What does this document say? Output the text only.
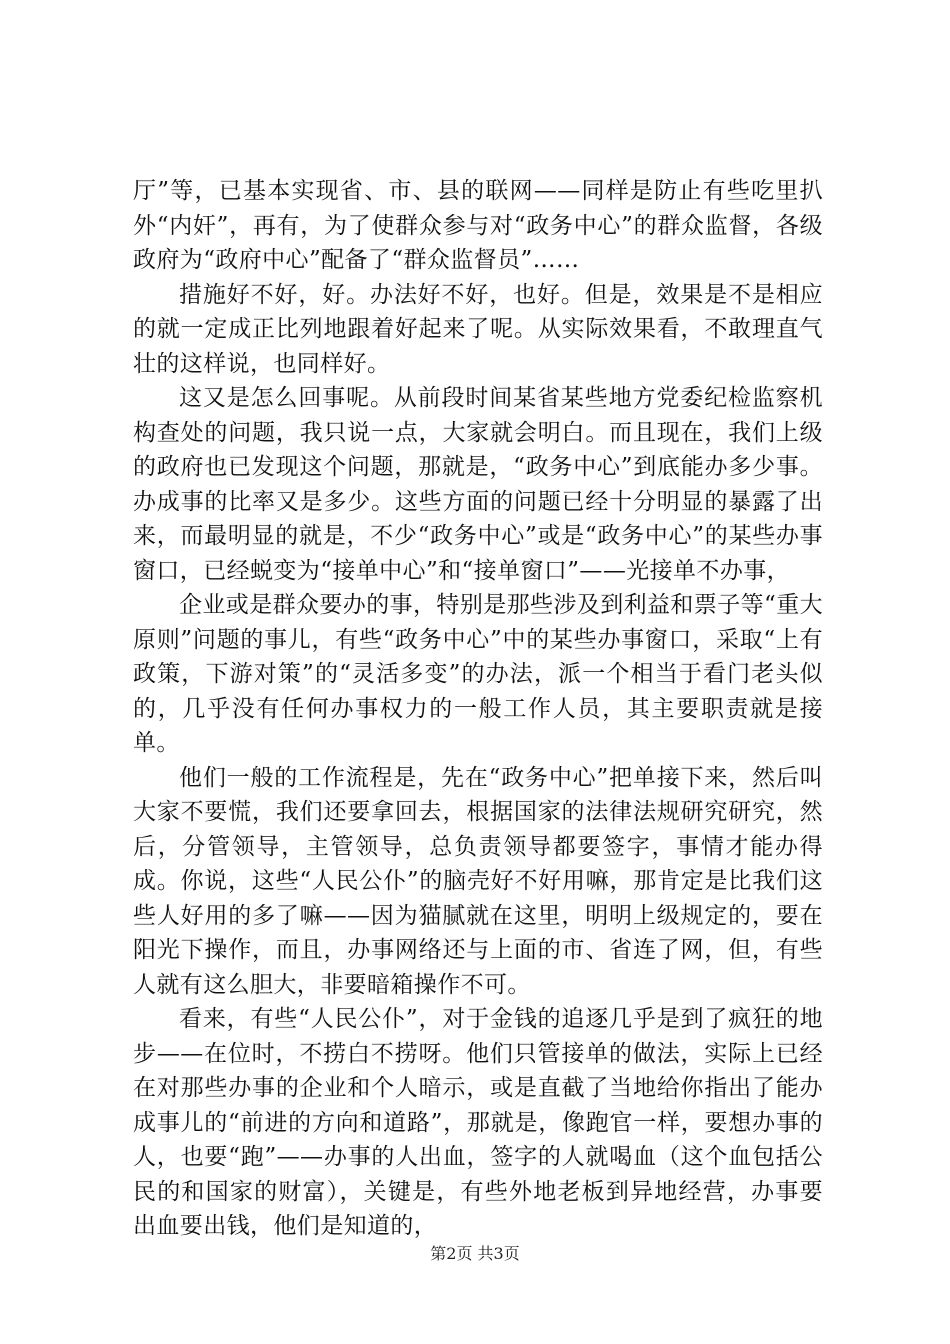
厅”等，已基本实现省、市、县的联网——同样是防止有些吃里扒外“内奸”，再有，为了使群众参与对“政务中心”的群众监督，各级政府为“政府中心”配备了“群众监督员”……

措施好不好，好。办法好不好，也好。但是，效果是不是相应的就一定成正比列地跟着好起来了呢。从实际效果看，不敢理直气壮的这样说，也同样好。

这又是怎么回事呢。从前段时间某省某些地方党委纪检监察机构查处的问题，我只说一点，大家就会明白。而且现在，我们上级的政府也已发现这个问题，那就是，“政务中心”到底能办多少事。办成事的比率又是多少。这些方面的问题已经十分明显的暴露了出来，而最明显的就是，不少“政务中心”或是“政务中心”的某些办事窗口，已经蜕变为“接单中心”和“接单窗口”——光接单不办事，

企业或是群众要办的事，特别是那些涉及到利益和票子等“重大原则”问题的事儿，有些“政务中心”中的某些办事窗口，采取“上有政策，下游对策”的“灵活多变”的办法，派一个相当于看门老头似的，几乎没有任何办事权力的一般工作人员，其主要职责就是接单。

他们一般的工作流程是，先在“政务中心”把单接下来，然后叫大家不要慌，我们还要拿回去，根据国家的法律法规研究研究，然后，分管领导，主管领导，总负责领导都要签字，事情才能办得成。你说，这些“人民公仆”的脑壳好不好用嘛，那肯定是比我们这些人好用的多了嘛——因为猫腻就在这里，明明上级规定的，要在阳光下操作，而且，办事网络还与上面的市、省连了网，但，有些人就有这么胆大，非要暗箱操作不可。

看来，有些“人民公仆”，对于金钱的追逐几乎是到了疯狂的地步——在位时，不捞白不捞呀。他们只管接单的做法，实际上已经在对那些办事的企业和个人暗示，或是直截了当地给你指出了能办成事儿的“前进的方向和道路”，那就是，像跑官一样，要想办事的人，也要“跑”——办事的人出血，签字的人就喝血（这个血包括公民的和国家的财富），关键是，有些外地老板到异地经营，办事要出血要出钱，他们是知道的，

第2页 共3页
